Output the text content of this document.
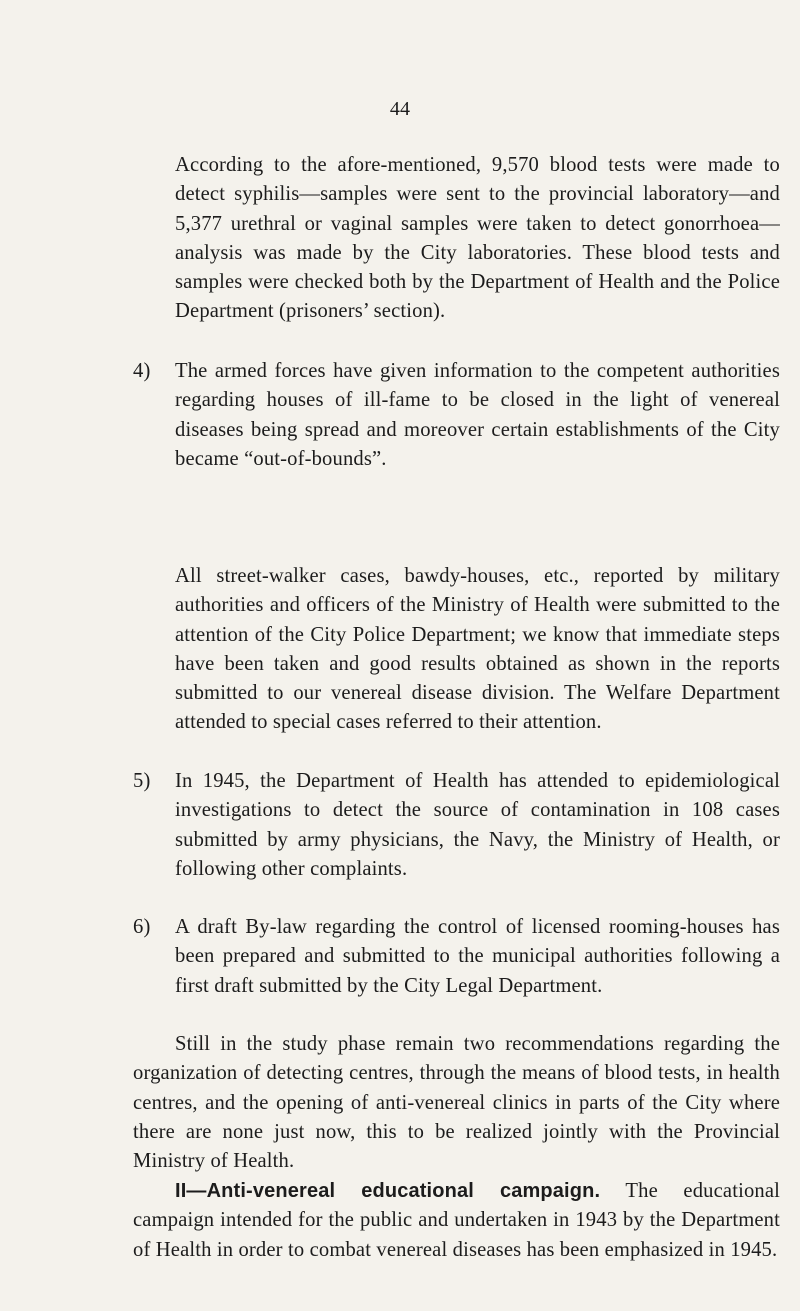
44

According to the afore-mentioned, 9,570 blood tests were made to detect syphilis—samples were sent to the provincial laboratory—and 5,377 urethral or vaginal samples were taken to detect gonorrhoea—analysis was made by the City laboratories. These blood tests and samples were checked both by the Department of Health and the Police Department (prisoners’ section).

4) The armed forces have given information to the competent authorities regarding houses of ill-fame to be closed in the light of venereal diseases being spread and moreover certain establishments of the City became “out-of-bounds”.

All street-walker cases, bawdy-houses, etc., reported by military authorities and officers of the Ministry of Health were submitted to the attention of the City Police Department; we know that immediate steps have been taken and good results obtained as shown in the reports submitted to our venereal disease division. The Welfare Department attended to special cases referred to their attention.

5) In 1945, the Department of Health has attended to epidemiological investigations to detect the source of contamination in 108 cases submitted by army physicians, the Navy, the Ministry of Health, or following other complaints.

6) A draft By-law regarding the control of licensed rooming-houses has been prepared and submitted to the municipal authorities following a first draft submitted by the City Legal Department.

Still in the study phase remain two recommendations regarding the organization of detecting centres, through the means of blood tests, in health centres, and the opening of anti-venereal clinics in parts of the City where there are none just now, this to be realized jointly with the Provincial Ministry of Health.

II—Anti-venereal educational campaign. The educational campaign intended for the public and undertaken in 1943 by the Department of Health in order to combat venereal diseases has been emphasized in 1945.
